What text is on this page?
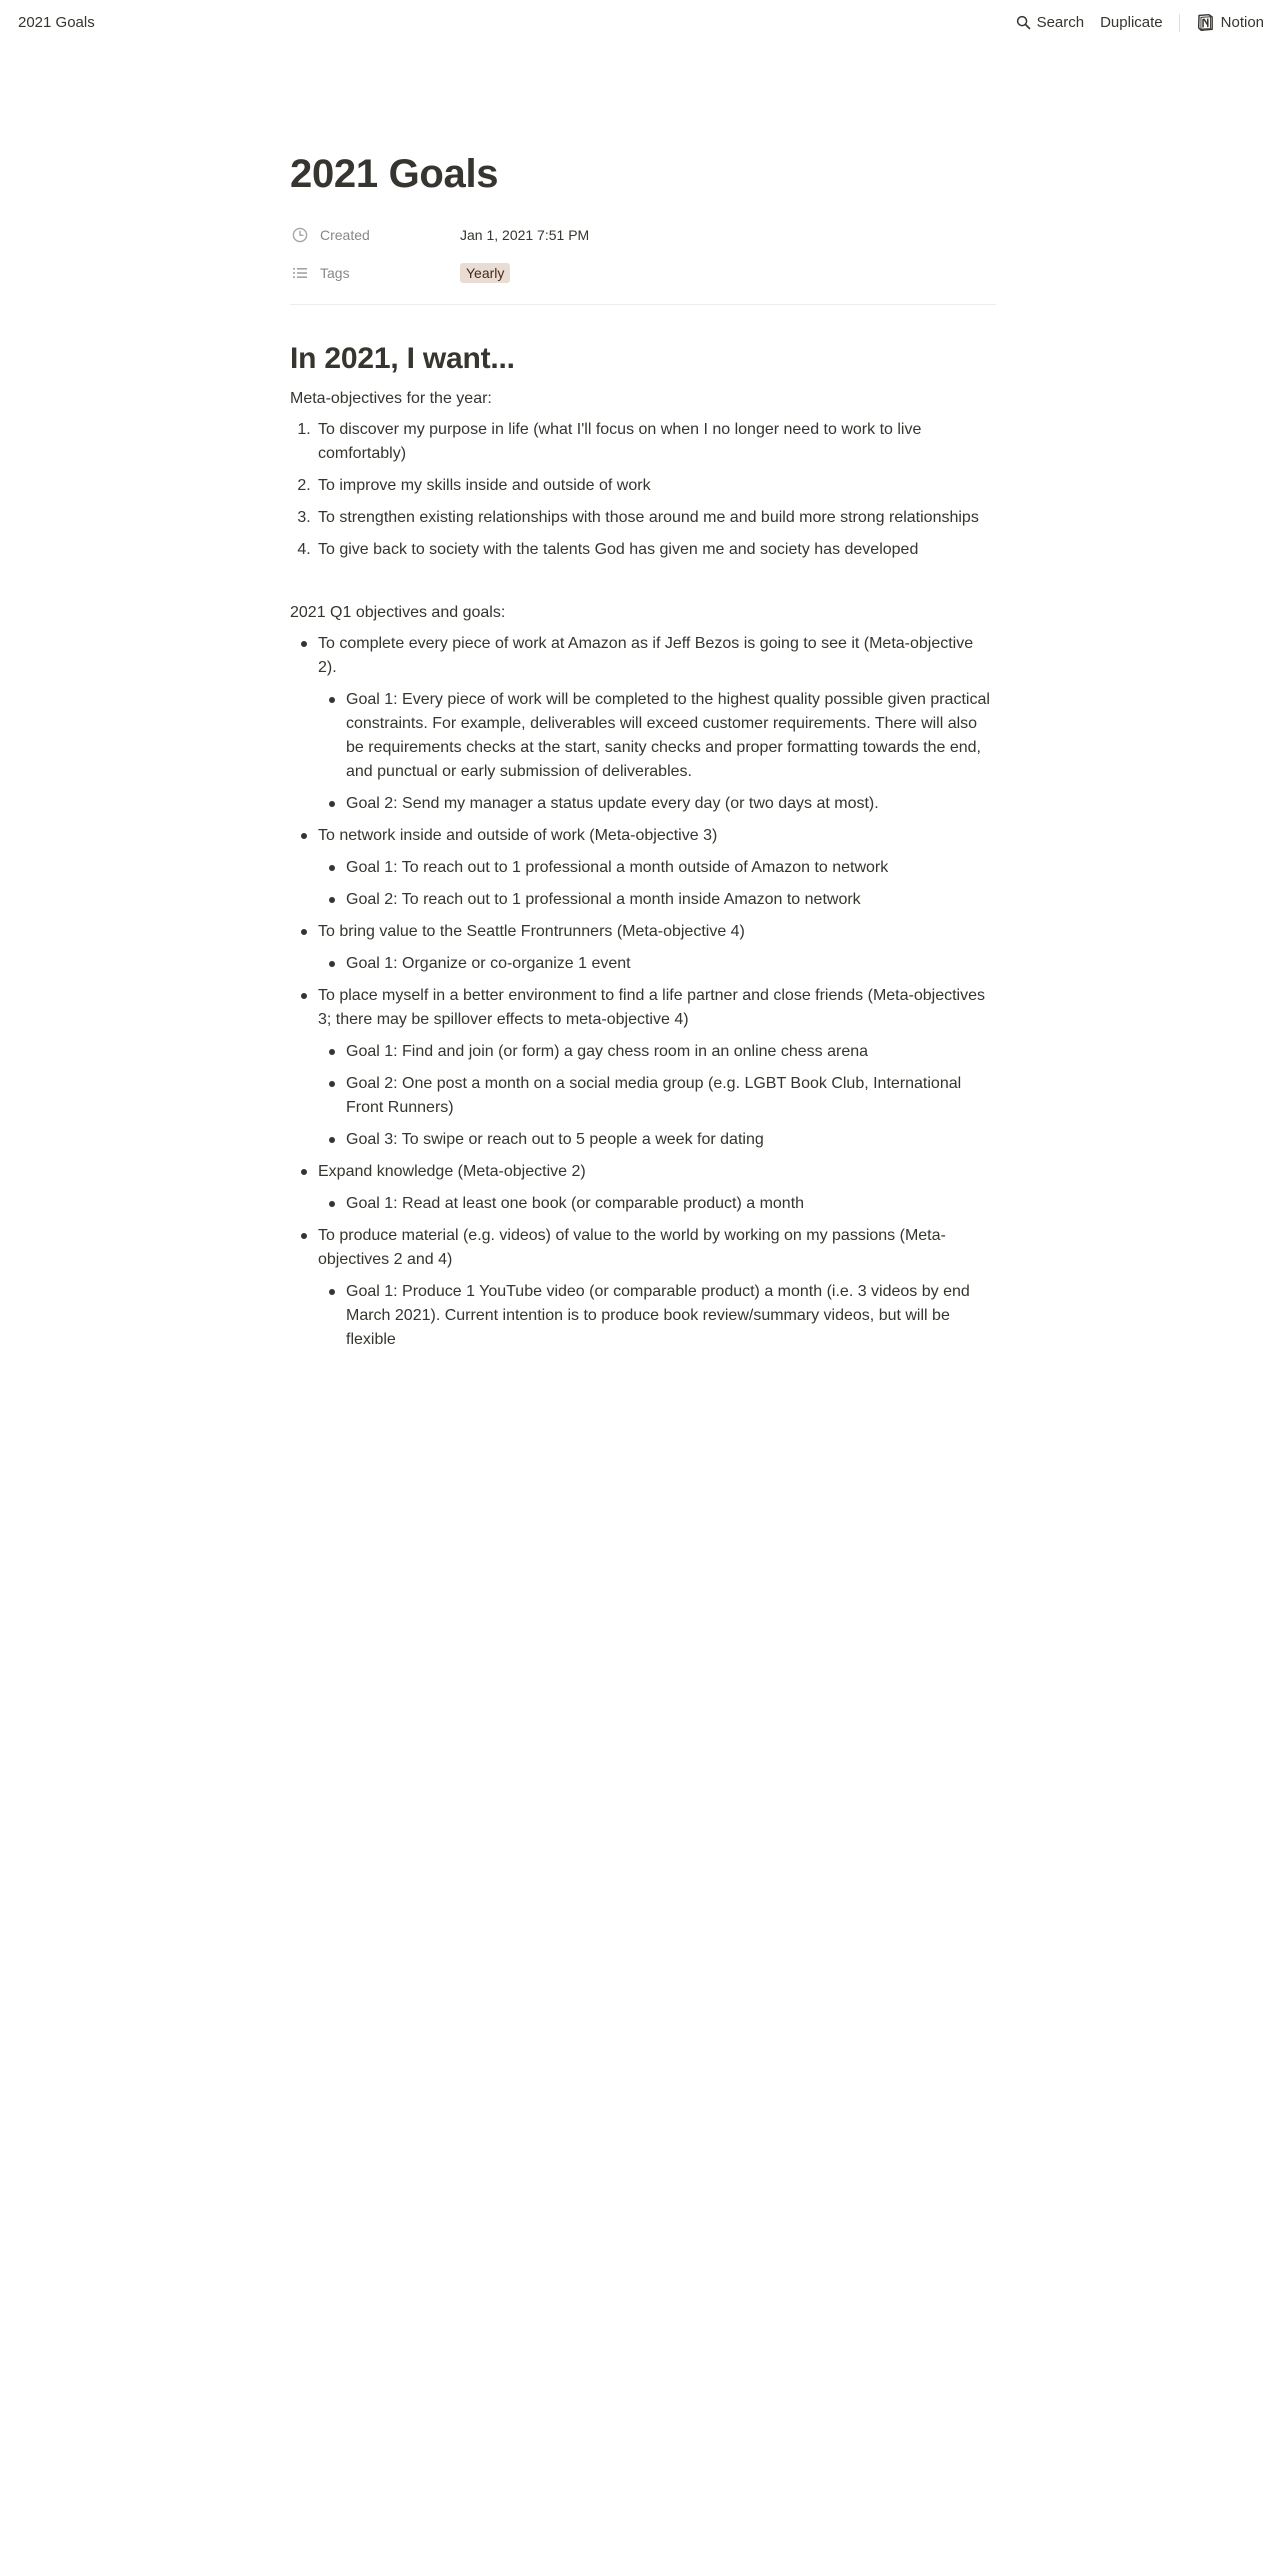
2021 Goals	Search Duplicate	Notion
2021 Goals
Created	Jan 1, 2021 7:51 PM
Tags	Yearly
In 2021, I want...
Meta-objectives for the year:
1. To discover my purpose in life (what I'll focus on when I no longer need to work to live comfortably)
2. To improve my skills inside and outside of work
3. To strengthen existing relationships with those around me and build more strong relationships
4. To give back to society with the talents God has given me and society has developed
2021 Q1 objectives and goals:
To complete every piece of work at Amazon as if Jeff Bezos is going to see it (Meta-objective 2).
Goal 1: Every piece of work will be completed to the highest quality possible given practical constraints. For example, deliverables will exceed customer requirements. There will also be requirements checks at the start, sanity checks and proper formatting towards the end, and punctual or early submission of deliverables.
Goal 2: Send my manager a status update every day (or two days at most).
To network inside and outside of work (Meta-objective 3)
Goal 1: To reach out to 1 professional a month outside of Amazon to network
Goal 2: To reach out to 1 professional a month inside Amazon to network
To bring value to the Seattle Frontrunners (Meta-objective 4)
Goal 1: Organize or co-organize 1 event
To place myself in a better environment to find a life partner and close friends (Meta-objectives 3; there may be spillover effects to meta-objective 4)
Goal 1: Find and join (or form) a gay chess room in an online chess arena
Goal 2: One post a month on a social media group (e.g. LGBT Book Club, International Front Runners)
Goal 3: To swipe or reach out to 5 people a week for dating
Expand knowledge (Meta-objective 2)
Goal 1: Read at least one book (or comparable product) a month
To produce material (e.g. videos) of value to the world by working on my passions (Meta-objectives 2 and 4)
Goal 1: Produce 1 YouTube video (or comparable product) a month (i.e. 3 videos by end March 2021). Current intention is to produce book review/summary videos, but will be flexible
